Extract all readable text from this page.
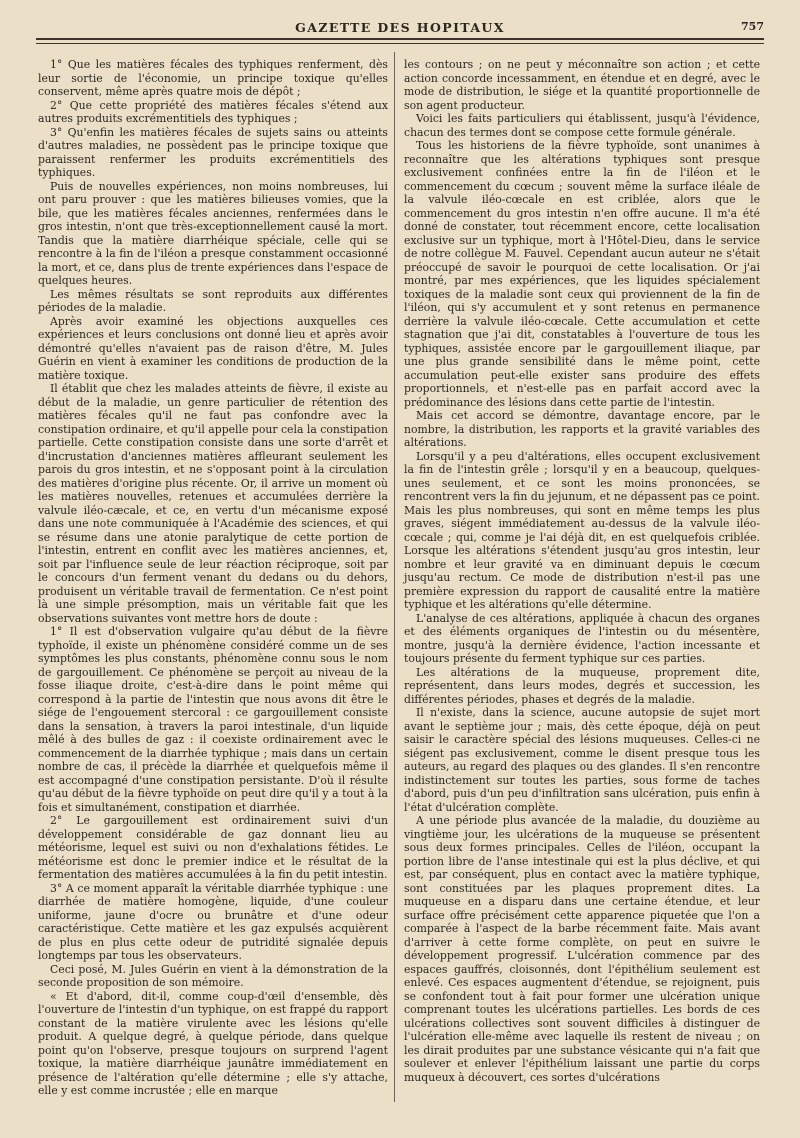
GAZETTE DES HOPITAUX	757

1° Que les matières fécales des typhiques renferment, dès leur sortie de l'économie, un principe toxique qu'elles conservent, même après quatre mois de dépôt ;

2° Que cette propriété des matières fécales s'étend aux autres produits excrémentitiels des typhiques ;

3° Qu'enfin les matières fécales de sujets sains ou atteints d'autres maladies, ne possèdent pas le principe toxique que paraissent renfermer les produits excrémentitiels des typhiques.

Puis de nouvelles expériences, non moins nombreuses, lui ont paru prouver : que les matières bilieuses vomies, que la bile, que les matières fécales anciennes, renfermées dans le gros intestin, n'ont que très-exceptionnellement causé la mort. Tandis que la matière diarrhéique spéciale, celle qui se rencontre à la fin de l'iléon a presque constamment occasionné la mort, et ce, dans plus de trente expériences dans l'espace de quelques heures.

Les mêmes résultats se sont reproduits aux différentes périodes de la maladie.

Après avoir examiné les objections auxquelles ces expériences et leurs conclusions ont donné lieu et après avoir démontré qu'elles n'avaient pas de raison d'être, M. Jules Guérin en vient à examiner les conditions de production de la matière toxique.

Il établit que chez les malades atteints de fièvre, il existe au début de la maladie, un genre particulier de rétention des matières fécales qu'il ne faut pas confondre avec la constipation ordinaire, et qu'il appelle pour cela la constipation partielle. Cette constipation consiste dans une sorte d'arrêt et d'incrustation d'anciennes matières affleurant seulement les parois du gros intestin, et ne s'opposant point à la circulation des matières d'origine plus récente. Or, il arrive un moment où les matières nouvelles, retenues et accumulées derrière la valvule iléo-cæcale, et ce, en vertu d'un mécanisme exposé dans une note communiquée à l'Académie des sciences, et qui se résume dans une atonie paralytique de cette portion de l'intestin, entrent en conflit avec les matières anciennes, et, soit par l'influence seule de leur réaction réciproque, soit par le concours d'un ferment venant du dedans ou du dehors, produisent un véritable travail de fermentation. Ce n'est point là une simple présomption, mais un véritable fait que les observations suivantes vont mettre hors de doute :

1° Il est d'observation vulgaire qu'au début de la fièvre typhoïde, il existe un phénomène considéré comme un de ses symptômes les plus constants, phénomène connu sous le nom de gargouillement. Ce phénomène se perçoit au niveau de la fosse iliaque droite, c'est-à-dire dans le point même qui correspond à la partie de l'intestin que nous avons dit être le siége de l'engouement stercoral : ce gargouillement consiste dans la sensation, à travers la paroi intestinale, d'un liquide mêlé à des bulles de gaz : il coexiste ordinairement avec le commencement de la diarrhée typhique ; mais dans un certain nombre de cas, il précède la diarrhée et quelquefois même il est accompagné d'une constipation persistante. D'où il résulte qu'au début de la fièvre typhoïde on peut dire qu'il y a tout à la fois et simultanément, constipation et diarrhée.

2° Le gargouillement est ordinairement suivi d'un développement considérable de gaz donnant lieu au météorisme, lequel est suivi ou non d'exhalations fétides. Le météorisme est donc le premier indice et le résultat de la fermentation des matières accumulées à la fin du petit intestin.

3° A ce moment apparaît la véritable diarrhée typhique : une diarrhée de matière homogène, liquide, d'une couleur uniforme, jaune d'ocre ou brunâtre et d'une odeur caractéristique. Cette matière et les gaz expulsés acquièrent de plus en plus cette odeur de putridité signalée depuis longtemps par tous les observateurs.

Ceci posé, M. Jules Guérin en vient à la démonstration de la seconde proposition de son mémoire.

« Et d'abord, dit-il, comme coup-d'œil d'ensemble, dès l'ouverture de l'intestin d'un typhique, on est frappé du rapport constant de la matière virulente avec les lésions qu'elle produit. A quelque degré, à quelque période, dans quelque point qu'on l'observe, presque toujours on surprend l'agent toxique, la matière diarrhéique jaunâtre immédiatement en présence de l'altération qu'elle détermine ; elle s'y attache, elle y est comme incrustée ; elle en marque

les contours ; on ne peut y méconnaître son action ; et cette action concorde incessamment, en étendue et en degré, avec le mode de distribution, le siége et la quantité proportionnelle de son agent producteur.

Voici les faits particuliers qui établissent, jusqu'à l'évidence, chacun des termes dont se compose cette formule générale.

Tous les historiens de la fièvre typhoïde, sont unanimes à reconnaître que les altérations typhiques sont presque exclusivement confinées entre la fin de l'iléon et le commencement du cœcum ; souvent même la surface iléale de la valvule iléo-cœcale en est criblée, alors que le commencement du gros intestin n'en offre aucune. Il m'a été donné de constater, tout récemment encore, cette localisation exclusive sur un typhique, mort à l'Hôtel-Dieu, dans le service de notre collègue M. Fauvel. Cependant aucun auteur ne s'était préoccupé de savoir le pourquoi de cette localisation. Or j'ai montré, par mes expériences, que les liquides spécialement toxiques de la maladie sont ceux qui proviennent de la fin de l'iléon, qui s'y accumulent et y sont retenus en permanence derrière la valvule iléo-cœcale. Cette accumulation et cette stagnation que j'ai dit, constatables à l'ouverture de tous les typhiques, assistée encore par le gargouillement iliaque, par une plus grande sensibilité dans le même point, cette accumulation peut-elle exister sans produire des effets proportionnels, et n'est-elle pas en parfait accord avec la prédominance des lésions dans cette partie de l'intestin.

Mais cet accord se démontre, davantage encore, par le nombre, la distribution, les rapports et la gravité variables des altérations.

Lorsqu'il y a peu d'altérations, elles occupent exclusivement la fin de l'intestin grêle ; lorsqu'il y en a beaucoup, quelques-unes seulement, et ce sont les moins prononcées, se rencontrent vers la fin du jejunum, et ne dépassent pas ce point. Mais les plus nombreuses, qui sont en même temps les plus graves, siégent immédiatement au-dessus de la valvule iléo-cœcale ; qui, comme je l'ai déjà dit, en est quelquefois criblée. Lorsque les altérations s'étendent jusqu'au gros intestin, leur nombre et leur gravité va en diminuant depuis le cœcum jusqu'au rectum. Ce mode de distribution n'est-il pas une première expression du rapport de causalité entre la matière typhique et les altérations qu'elle détermine.

L'analyse de ces altérations, appliquée à chacun des organes et des éléments organiques de l'intestin ou du mésentère, montre, jusqu'à la dernière évidence, l'action incessante et toujours présente du ferment typhique sur ces parties.

Les altérations de la muqueuse, proprement dite, représentent, dans leurs modes, degrés et succession, les différentes périodes, phases et degrés de la maladie.

Il n'existe, dans la science, aucune autopsie de sujet mort avant le septième jour ; mais, dès cette époque, déjà on peut saisir le caractère spécial des lésions muqueuses. Celles-ci ne siégent pas exclusivement, comme le disent presque tous les auteurs, au regard des plaques ou des glandes. Il s'en rencontre indistinctement sur toutes les parties, sous forme de taches d'abord, puis d'un peu d'infiltration sans ulcération, puis enfin à l'état d'ulcération complète.

A une période plus avancée de la maladie, du douzième au vingtième jour, les ulcérations de la muqueuse se présentent sous deux formes principales. Celles de l'iléon, occupant la portion libre de l'anse intestinale qui est la plus déclive, et qui est, par conséquent, plus en contact avec la matière typhique, sont constituées par les plaques proprement dites. La muqueuse en a disparu dans une certaine étendue, et leur surface offre précisément cette apparence piquetée que l'on a comparée à l'aspect de la barbe récemment faite. Mais avant d'arriver à cette forme complète, on peut en suivre le développement progressif. L'ulcération commence par des espaces gauffrés, cloisonnés, dont l'épithélium seulement est enlevé. Ces espaces augmentent d'étendue, se rejoignent, puis se confondent tout à fait pour former une ulcération unique comprenant toutes les ulcérations partielles. Les bords de ces ulcérations collectives sont souvent difficiles à distinguer de l'ulcération elle-même avec laquelle ils restent de niveau ; on les dirait produites par une substance vésicante qui n'a fait que soulever et enlever l'épithélium laissant une partie du corps muqueux à découvert, ces sortes d'ulcérations
